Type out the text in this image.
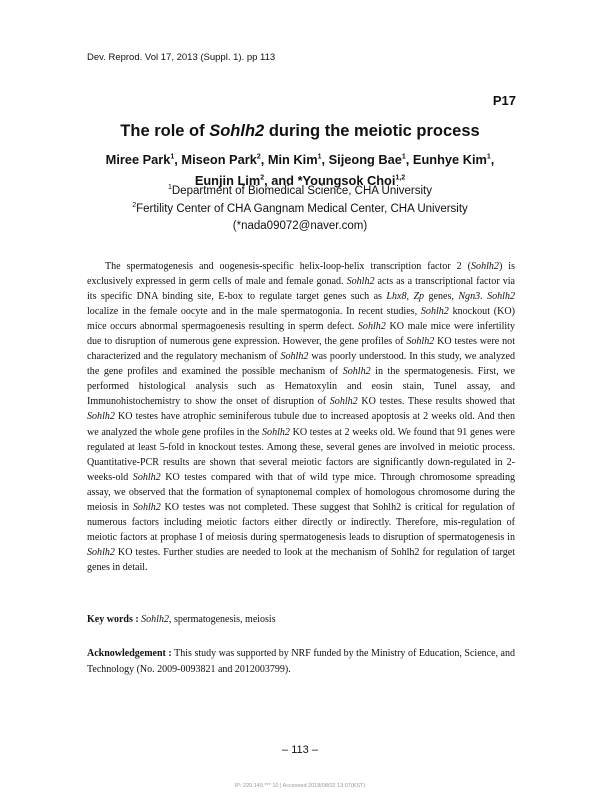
Dev. Reprod. Vol 17, 2013 (Suppl. 1). pp 113
P17
The role of Sohlh2 during the meiotic process
Miree Park$^1$, Miseon Park$^2$, Min Kim$^1$, Sijeong Bae$^1$, Eunhye Kim$^1$,
Eunjin Lim$^2$, and *Youngsok Choi$^{1,2}$
$^1$Department of Biomedical Science, CHA University
$^2$Fertility Center of CHA Gangnam Medical Center, CHA University
(*nada09072@naver.com)

The spermatogenesis and oogenesis-specific helix-loop-helix transcription factor 2 (Sohlh2) is exclusively expressed in germ cells of male and female gonad. Sohlh2 acts as a transcriptional factor via its specific DNA binding site, E-box to regulate target genes such as Lhx8, Zp genes, Ngn3. Sohlh2 localize in the female oocyte and in the male spermatogonia. In recent studies, Sohlh2 knockout (KO) mice occurs abnormal spermagoenesis resulting in sperm defect. Sohlh2 KO male mice were infertility due to disruption of numerous gene expression. However, the gene profiles of Sohlh2 KO testes were not characterized and the regulatory mechanism of Sohlh2 was poorly understood. In this study, we analyzed the gene profiles and examined the possible mechanism of Sohlh2 in the spermatogenesis. First, we performed histological analysis such as Hematoxylin and eosin stain, Tunel assay, and Immunohistochemistry to show the onset of disruption of Sohlh2 KO testes. These results showed that Sohlh2 KO testes have atrophic seminiferous tubule due to increased apoptosis at 2 weeks old. And then we analyzed the whole gene profiles in the Sohlh2 KO testes at 2 weeks old. We found that 91 genes were regulated at least 5-fold in knockout testes. Among these, several genes are involved in meiotic process. Quantitative-PCR results are shown that several meiotic factors are significantly down-regulated in 2-weeks-old Sohlh2 KO testes compared with that of wild type mice. Through chromosome spreading assay, we observed that the formation of synaptonemal complex of homologous chromosome during the meiosis in Sohlh2 KO testes was not completed. These suggest that Sohlh2 is critical for regulation of numerous factors including meiotic factors either directly or indirectly. Therefore, mis-regulation of meiotic factors at prophase I of meiosis during spermatogenesis leads to disruption of spermatogenesis in Sohlh2 KO testes. Further studies are needed to look at the mechanism of Sohlh2 for regulation of target genes in detail.

Key words : Sohlh2, spermatogenesis, meiosis
Acknowledgement : This study was supported by NRF funded by the Ministry of Education, Science, and Technology (No. 2009-0093821 and 2012003799).
– 113 –
IP: 220.149.*** 10 | Accessed 2018/08/02 13:07(KST)
